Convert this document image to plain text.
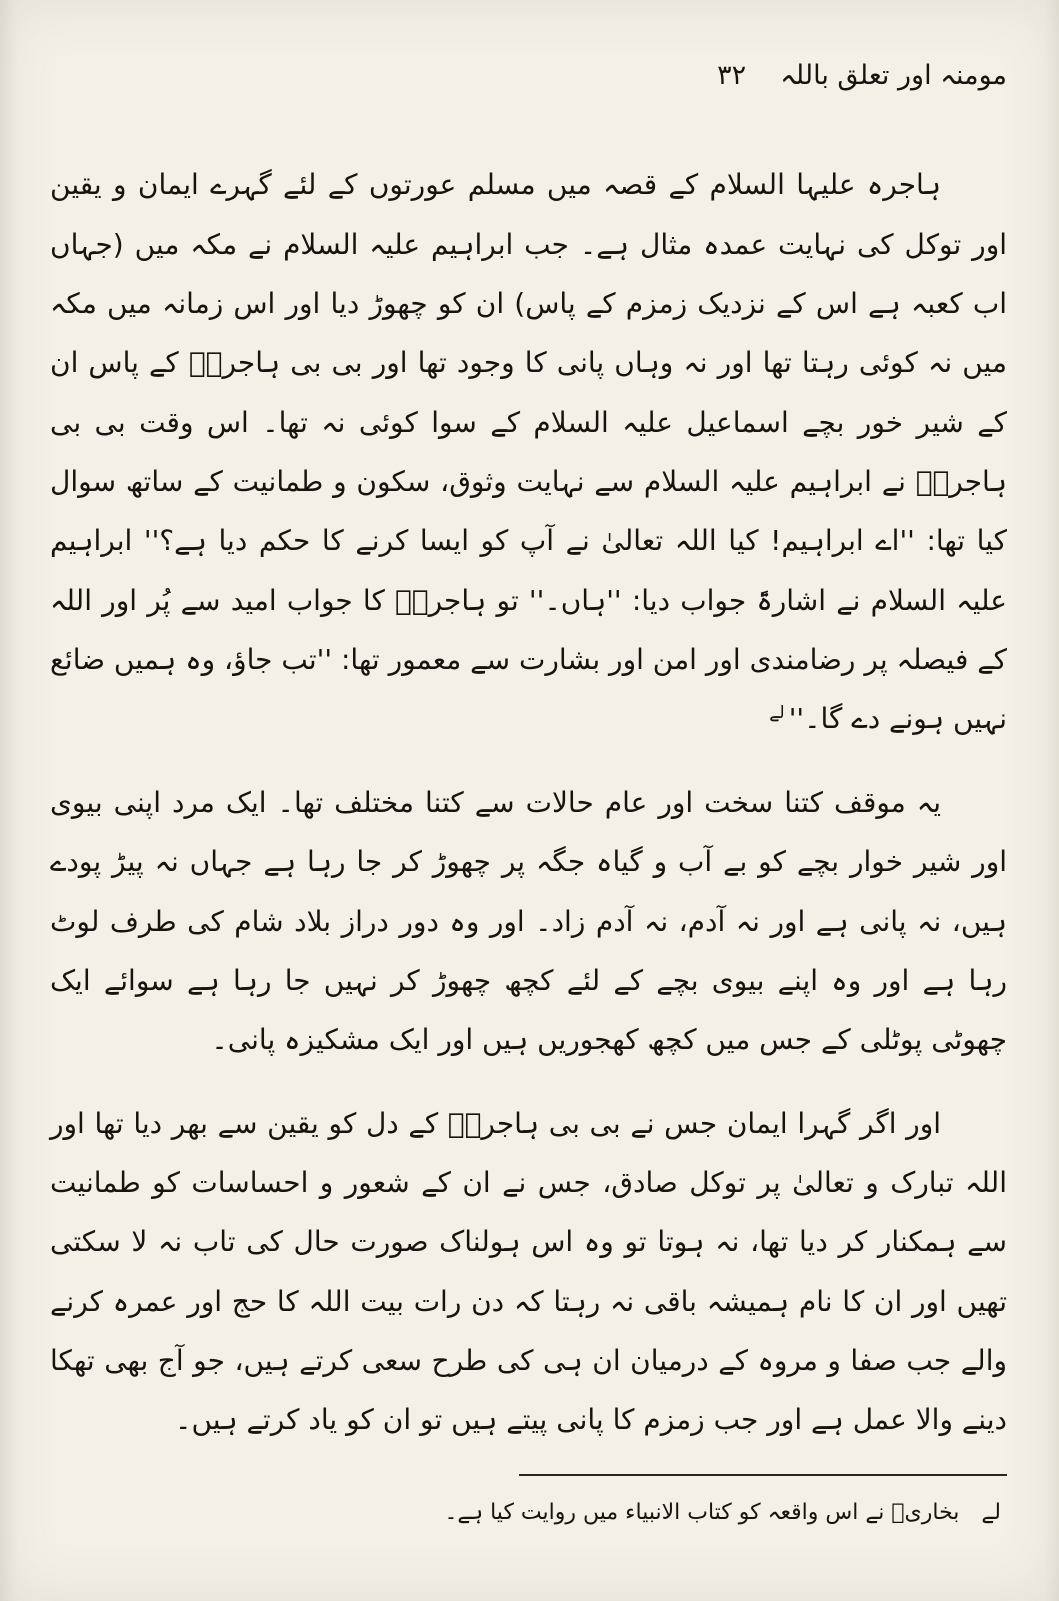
مومنہ اور تعلق باللہ
۳۲

ہاجرہ علیہا السلام کے قصہ میں مسلم عورتوں کے لئے گہرے ایمان و یقین اور توکل کی نہایت عمدہ مثال ہے۔ جب ابراہیم علیہ السلام نے مکہ میں (جہاں اب کعبہ ہے اس کے نزدیک زمزم کے پاس) ان کو چھوڑ دیا اور اس زمانہ میں مکہ میں نہ کوئی رہتا تھا اور نہ وہاں پانی کا وجود تھا اور بی بی ہاجرہؓ کے پاس ان کے شیر خور بچے اسماعیل علیہ السلام کے سوا کوئی نہ تھا۔ اس وقت بی بی ہاجرہؓ نے ابراہیم علیہ السلام سے نہایت وثوق، سکون و طمانیت کے ساتھ سوال کیا تھا: ''اے ابراہیم! کیا اللہ تعالیٰ نے آپ کو ایسا کرنے کا حکم دیا ہے؟'' ابراہیم علیہ السلام نے اشارۃً جواب دیا: ''ہاں۔'' تو ہاجرہؓ کا جواب امید سے پُر اور اللہ کے فیصلہ پر رضامندی اور امن اور بشارت سے معمور تھا: ''تب جاؤ، وہ ہمیں ضائع نہیں ہونے دے گا۔''$^{لے}$

یہ موقف کتنا سخت اور عام حالات سے کتنا مختلف تھا۔ ایک مرد اپنی بیوی اور شیر خوار بچے کو بے آب و گیاہ جگہ پر چھوڑ کر جا رہا ہے جہاں نہ پیڑ پودے ہیں، نہ پانی ہے اور نہ آدم، نہ آدم زاد۔ اور وہ دور دراز بلاد شام کی طرف لوٹ رہا ہے اور وہ اپنے بیوی بچے کے لئے کچھ چھوڑ کر نہیں جا رہا ہے سوائے ایک چھوٹی پوٹلی کے جس میں کچھ کھجوریں ہیں اور ایک مشکیزہ پانی۔

اور اگر گہرا ایمان جس نے بی بی ہاجرہؓ کے دل کو یقین سے بھر دیا تھا اور اللہ تبارک و تعالیٰ پر توکل صادق، جس نے ان کے شعور و احساسات کو طمانیت سے ہمکنار کر دیا تھا، نہ ہوتا تو وہ اس ہولناک صورت حال کی تاب نہ لا سکتی تھیں اور ان کا نام ہمیشہ باقی نہ رہتا کہ دن رات بیت اللہ کا حج اور عمرہ کرنے والے جب صفا و مروہ کے درمیان ان ہی کی طرح سعی کرتے ہیں، جو آج بھی تھکا دینے والا عمل ہے اور جب زمزم کا پانی پیتے ہیں تو ان کو یاد کرتے ہیں۔

لےبخاریؒ نے اس واقعہ کو کتاب الانبیاء میں روایت کیا ہے۔
